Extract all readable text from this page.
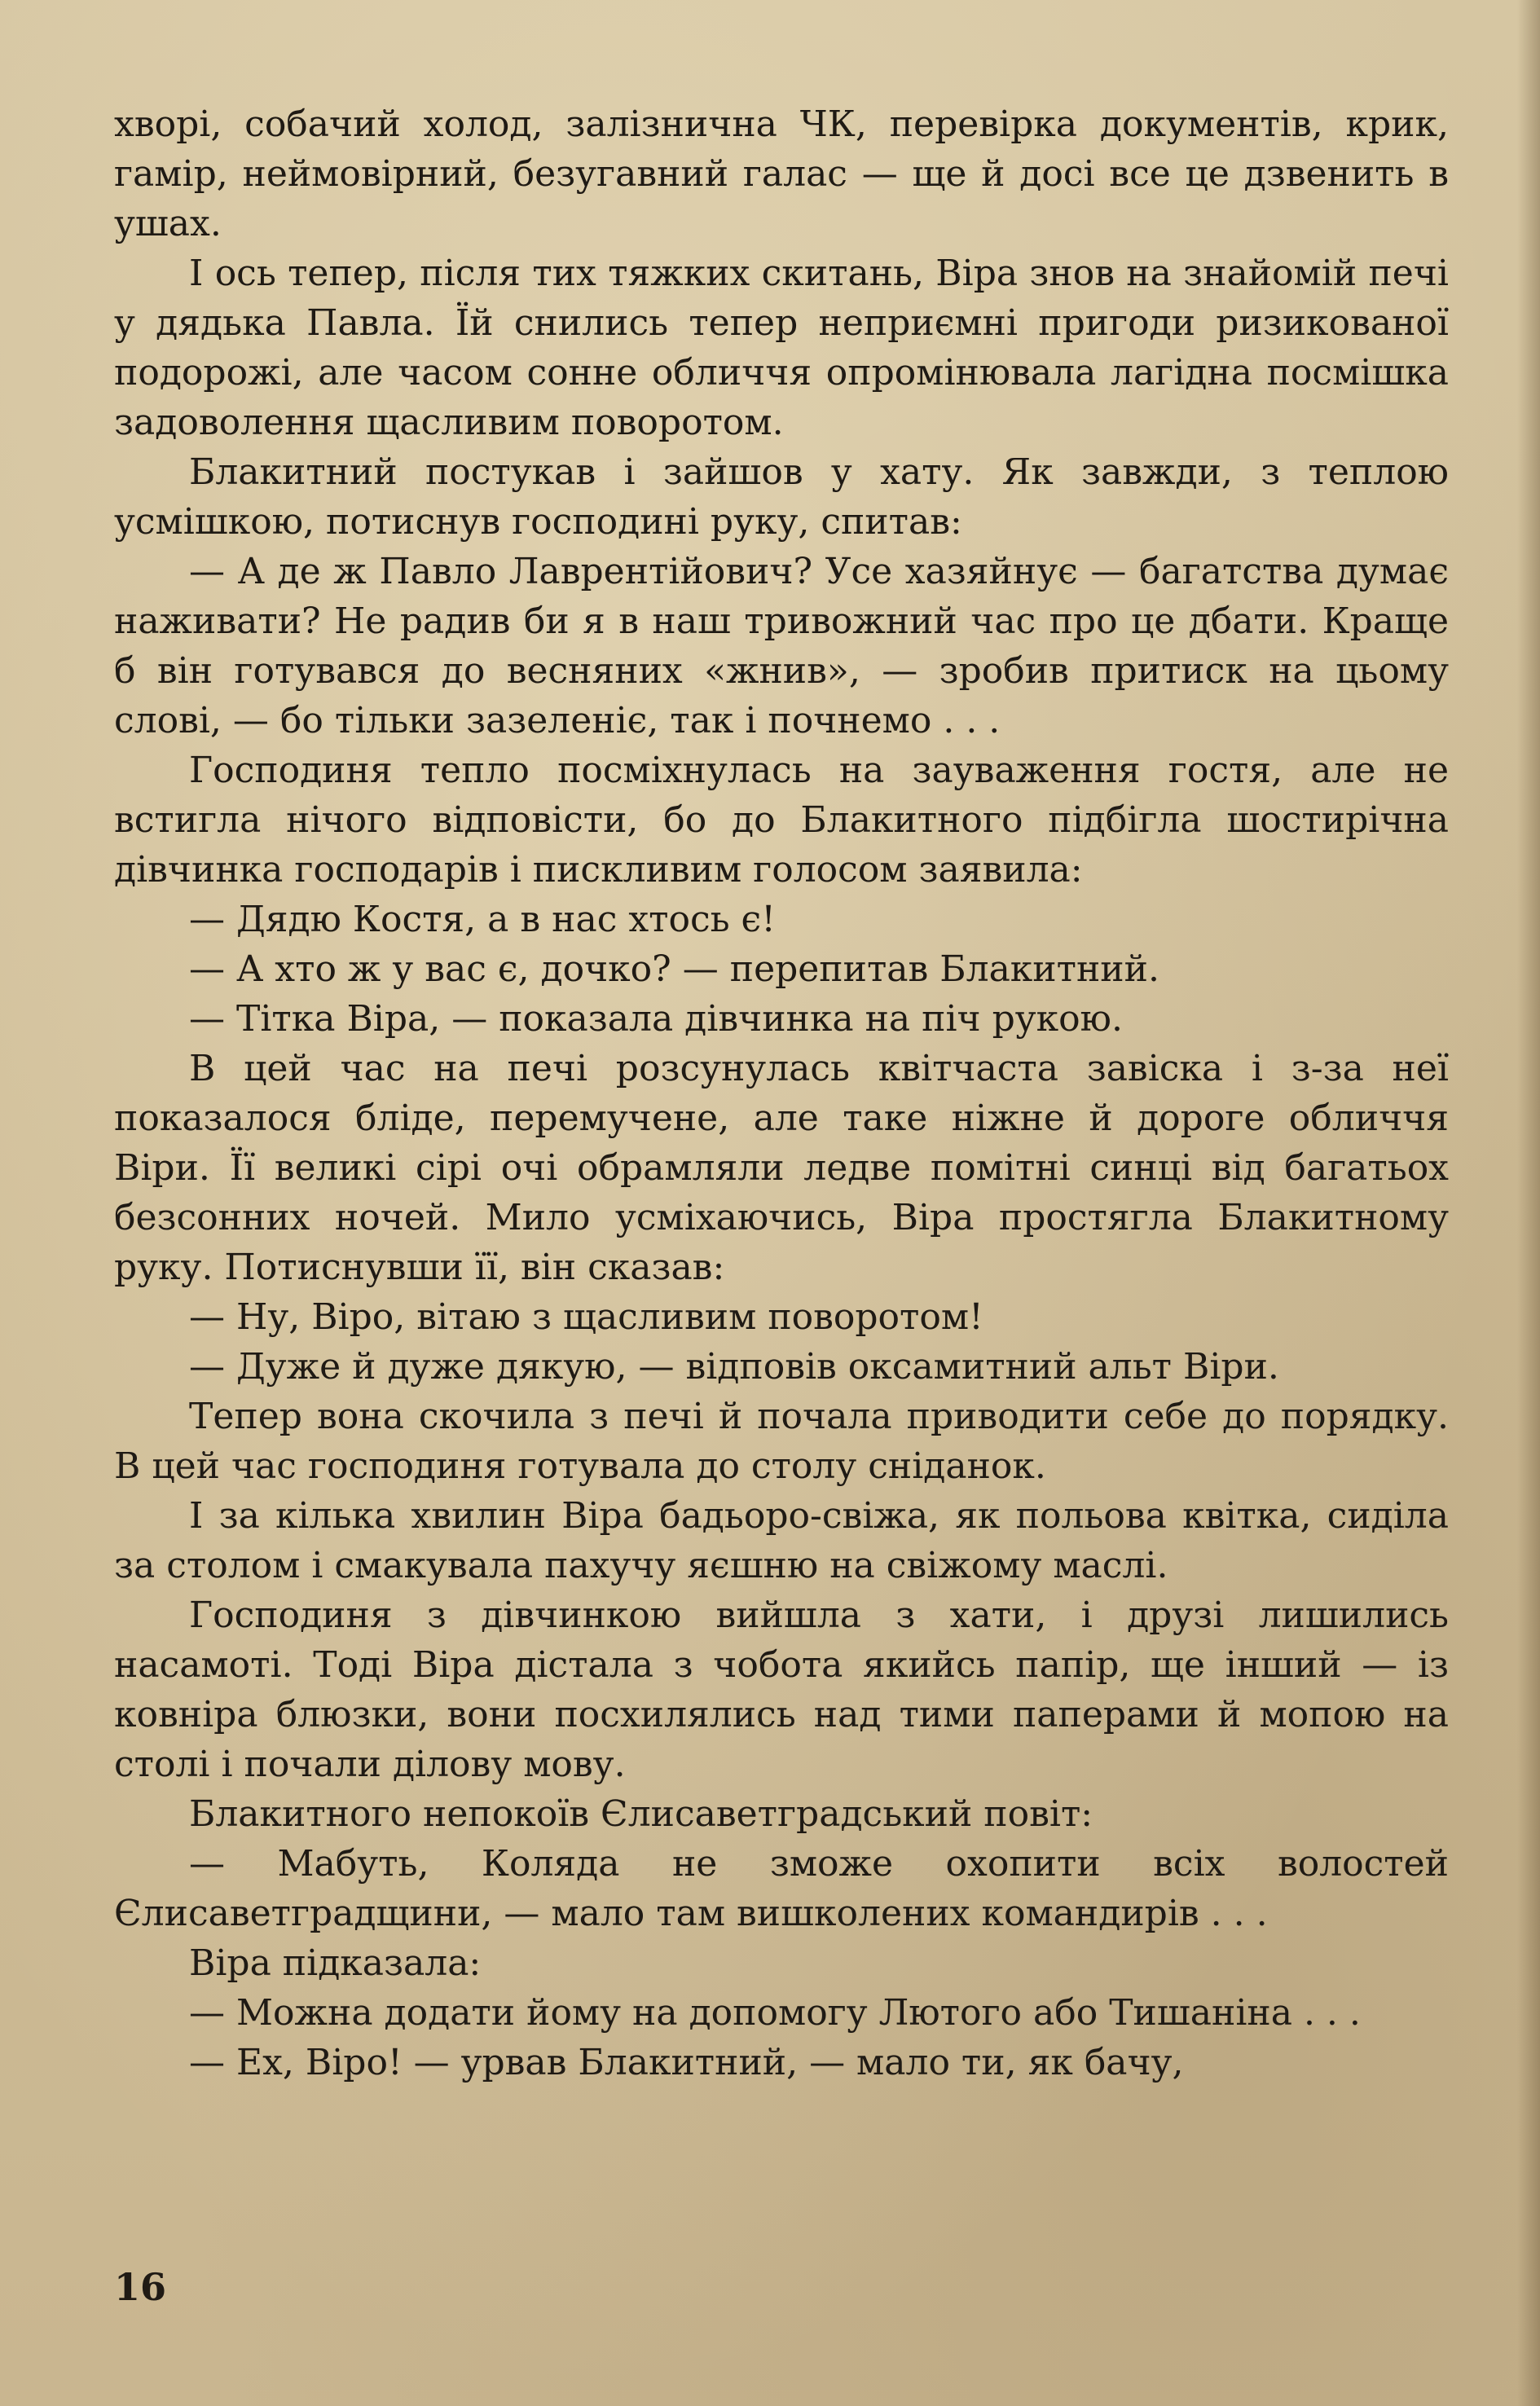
хворі, собачий холод, залізнична ЧК, перевірка документів, крик, гамір, неймовірний, безугавний галас — ще й досі все це дзвенить в ушах.

І ось тепер, після тих тяжких скитань, Віра знов на знайомій печі у дядька Павла. Їй снились тепер неприємні пригоди ризикованої подорожі, але часом сонне обличчя опромінювала лагідна посмішка задоволення щасливим поворотом.

Блакитний постукав і зайшов у хату. Як завжди, з теплою усмішкою, потиснув господині руку, спитав:

— А де ж Павло Лаврентійович? Усе хазяйнує — багатства думає наживати? Не радив би я в наш тривожний час про це дбати. Краще б він готувався до весняних «жнив», — зробив притиск на цьому слові, — бо тільки зазеленіє, так і почнемо . . .

Господиня тепло посміхнулась на зауваження гостя, але не встигла нічого відповісти, бо до Блакитного підбігла шостирічна дівчинка господарів і пискливим голосом заявила:

— Дядю Костя, а в нас хтось є!

— А хто ж у вас є, дочко? — перепитав Блакитний.

— Тітка Віра, — показала дівчинка на піч рукою.

В цей час на печі розсунулась квітчаста завіска і з-за неї показалося бліде, перемучене, але таке ніжне й дороге обличчя Віри. Її великі сірі очі обрамляли ледве помітні синці від багатьох безсонних ночей. Мило усміхаючись, Віра простягла Блакитному руку. Потиснувши її, він сказав:

— Ну, Віро, вітаю з щасливим поворотом!

— Дуже й дуже дякую, — відповів оксамитний альт Віри.

Тепер вона скочила з печі й почала приводити себе до порядку. В цей час господиня готувала до столу сніданок.

І за кілька хвилин Віра бадьоро-свіжа, як польова квітка, сиділа за столом і смакувала пахучу яєшню на свіжому маслі.

Господиня з дівчинкою вийшла з хати, і друзі лишились насамоті. Тоді Віра дістала з чобота якийсь папір, ще інший — із ковніра блюзки, вони посхилялись над тими паперами й мопою на столі і почали ділову мову.

Блакитного непокоїв Єлисаветградський повіт:

— Мабуть, Коляда не зможе охопити всіх волостей Єлисаветградщини, — мало там вишколених командирів . . .

Віра підказала:

— Можна додати йому на допомогу Лютого або Тишаніна . . .

— Ех, Віро! — урвав Блакитний, — мало ти, як бачу,

16
